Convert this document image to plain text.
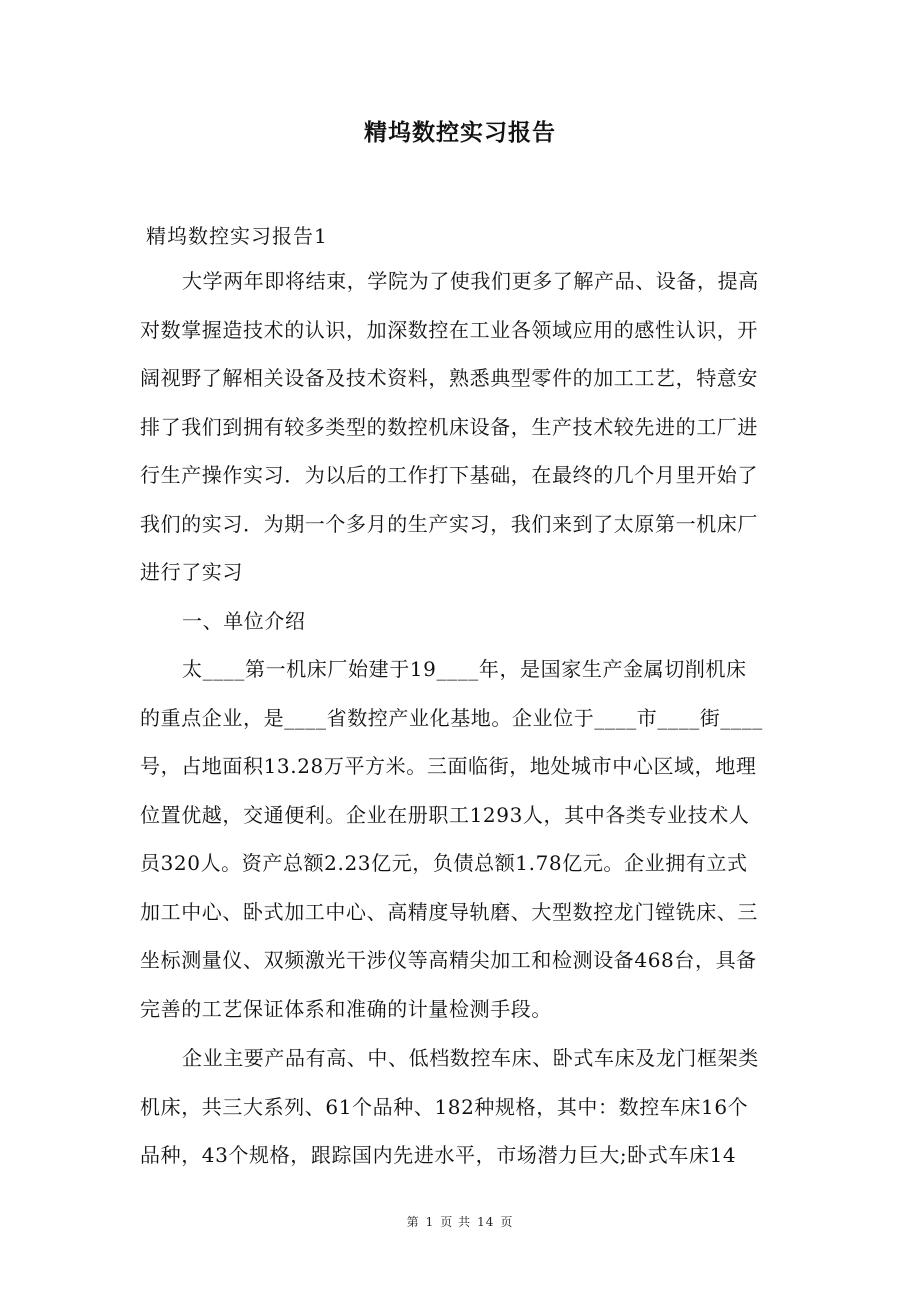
精坞数控实习报告
精坞数控实习报告1
大学两年即将结束，学院为了使我们更多了解产品、设备，提高
对数掌握造技术的认识，加深数控在工业各领域应用的感性认识，开
阔视野了解相关设备及技术资料，熟悉典型零件的加工工艺，特意安
排了我们到拥有较多类型的数控机床设备，生产技术较先进的工厂进
行生产操作实习．为以后的工作打下基础，在最终的几个月里开始了
我们的实习．为期一个多月的生产实习，我们来到了太原第一机床厂
进行了实习
一、单位介绍
太____第一机床厂始建于19____年，是国家生产金属切削机床
的重点企业，是____省数控产业化基地。企业位于____市____街____
号，占地面积13.28万平方米。三面临街，地处城市中心区域，地理
位置优越，交通便利。企业在册职工1293人，其中各类专业技术人
员320人。资产总额2.23亿元，负债总额1.78亿元。企业拥有立式
加工中心、卧式加工中心、高精度导轨磨、大型数控龙门镗铣床、三
坐标测量仪、双频激光干涉仪等高精尖加工和检测设备468台，具备
完善的工艺保证体系和准确的计量检测手段。
企业主要产品有高、中、低档数控车床、卧式车床及龙门框架类
机床，共三大系列、61个品种、182种规格，其中：数控车床16个
品种，43个规格，跟踪国内先进水平，市场潜力巨大;卧式车床14
第 1 页 共 14 页
